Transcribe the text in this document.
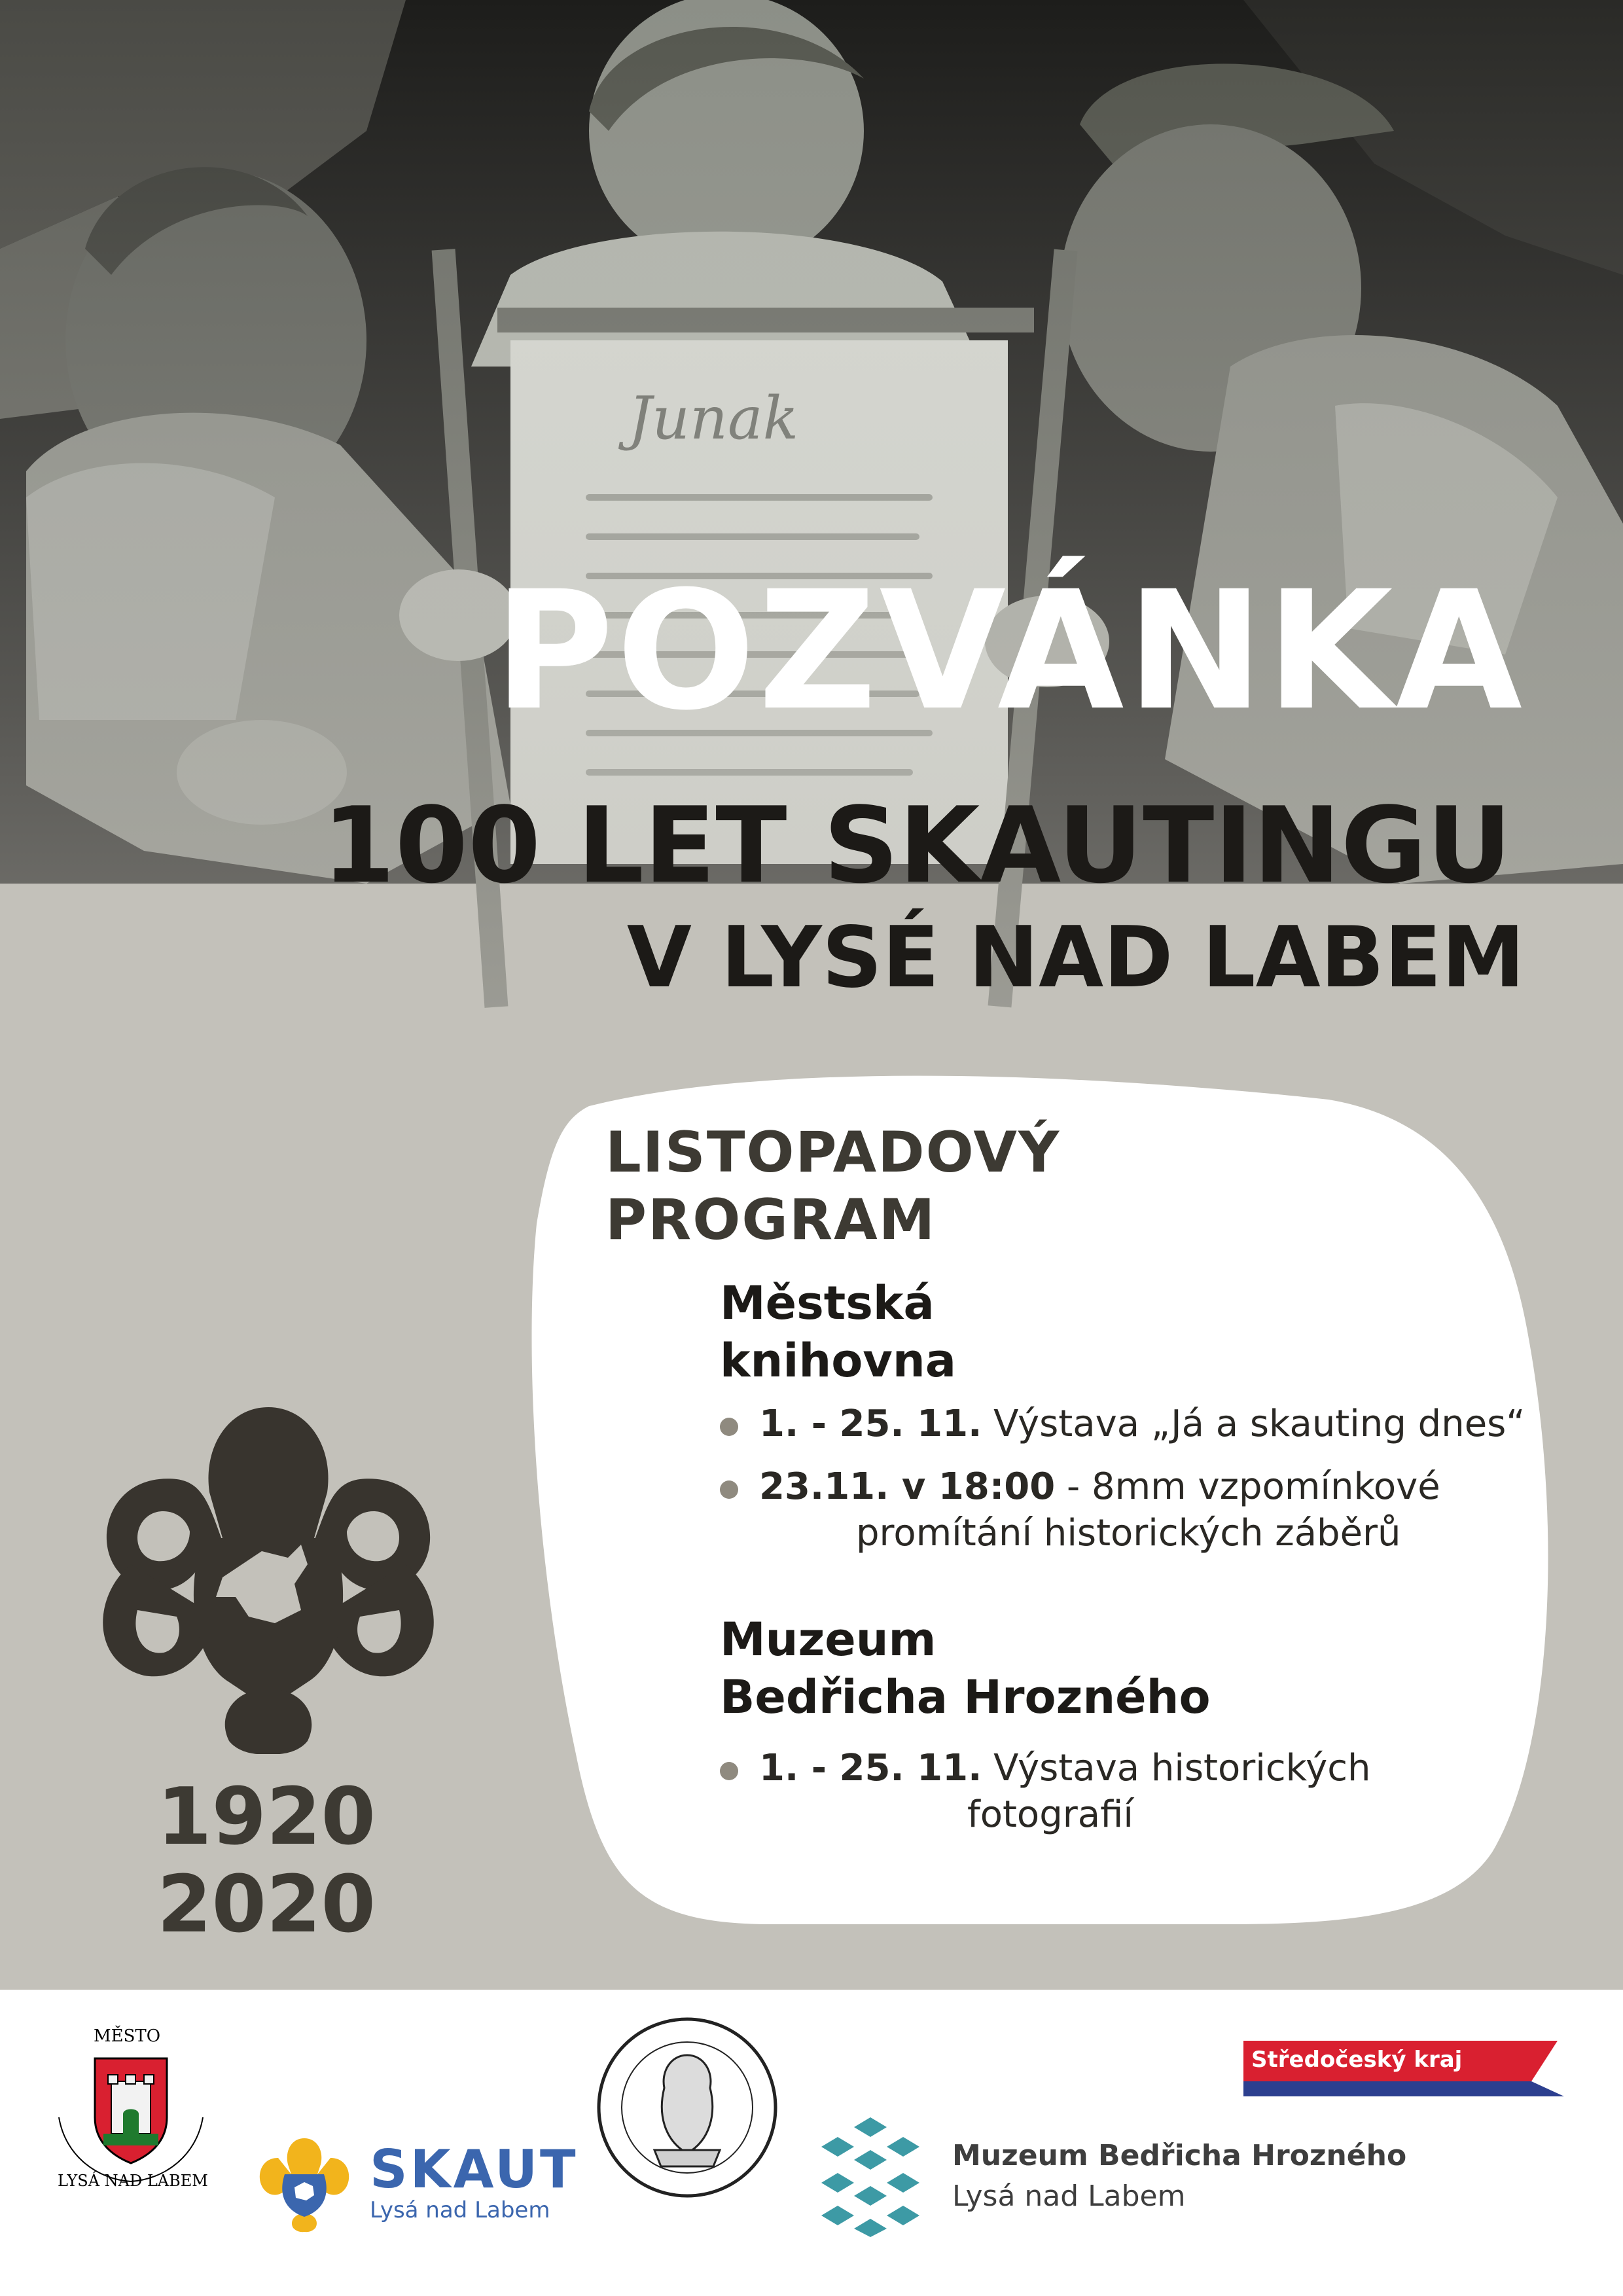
POZVÁNKA
100 LET SKAUTINGU
V LYSÉ NAD LABEM
LISTOPADOVÝ
PROGRAM
Městská
knihovna
1. - 25. 11. Výstava „Já a skauting dnes“
23.11. v 18:00 - 8mm vzpomínkové
promítání historických záběrů
Muzeum
Bedřicha Hrozného
1. - 25. 11. Výstava historických
fotografií
1920
2020
MĚSTO
LYSÁ NAD LABEM	SKAUT
Lysá nad Labem
Středočeský kraj
Muzeum Bedřicha Hrozného
Lysá nad Labem
